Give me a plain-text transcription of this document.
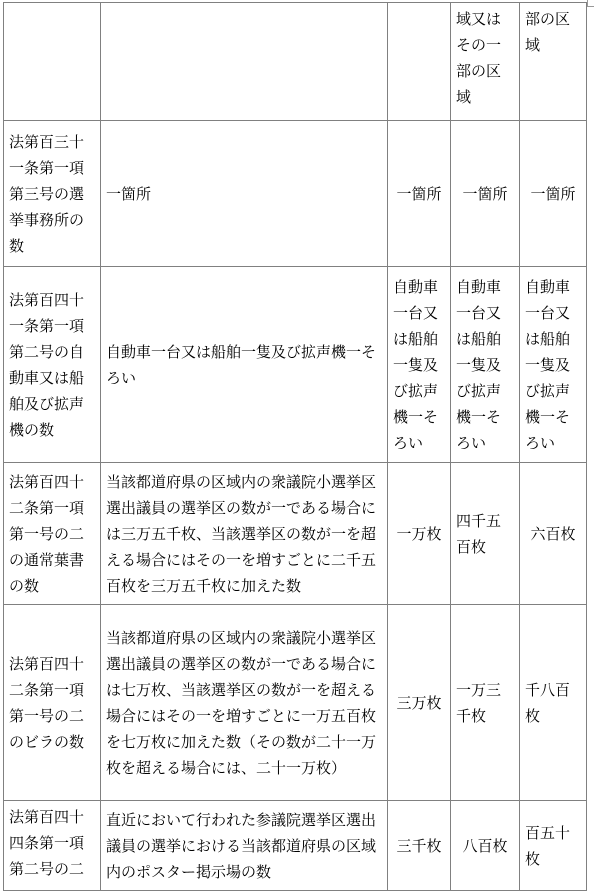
			域又はその一部の区域	部の区域
法第百三十一条第一項第三号の選挙事務所の数	一箇所	一箇所	一箇所	一箇所
法第百四十一条第一項第二号の自動車又は船舶及び拡声機の数	自動車一台又は船舶一隻及び拡声機一そろい	自動車一台又は船舶一隻及び拡声機一そろい	自動車一台又は船舶一隻及び拡声機一そろい	自動車一台又は船舶一隻及び拡声機一そろい
法第百四十二条第一項第一号の二の通常葉書の数	当該都道府県の区域内の衆議院小選挙区選出議員の選挙区の数が一である場合には三万五千枚、当該選挙区の数が一を超える場合にはその一を増すごとに二千五百枚を三万五千枚に加えた数	一万枚	四千五百枚	六百枚
法第百四十二条第一項第一号の二のビラの数	当該都道府県の区域内の衆議院小選挙区選出議員の選挙区の数が一である場合には七万枚、当該選挙区の数が一を超える場合にはその一を増すごとに一万五百枚を七万枚に加えた数（その数が二十一万枚を超える場合には、二十一万枚）	三万枚	一万三千枚	千八百枚
法第百四十四条第一項第二号の二	直近において行われた参議院選挙区選出議員の選挙における当該都道府県の区域内のポスター掲示場の数	三千枚	八百枚	百五十枚
